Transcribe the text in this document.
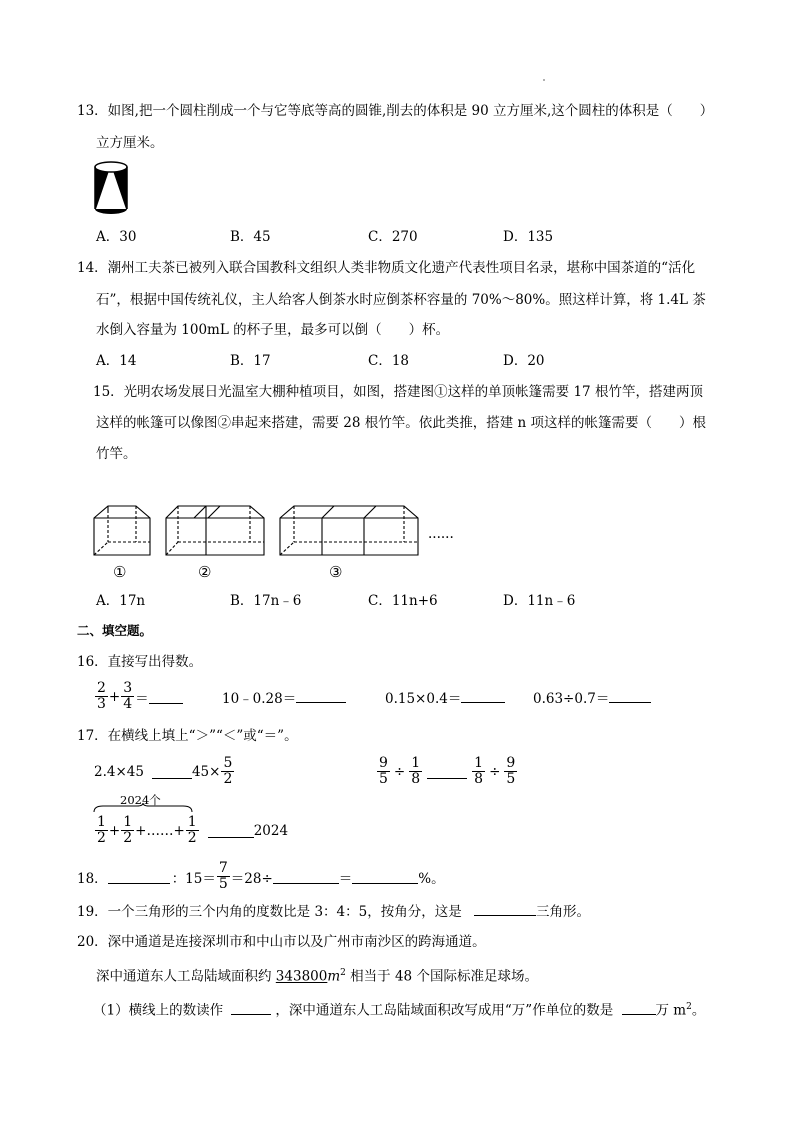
13．如图,把一个圆柱削成一个与它等底等高的圆锥,削去的体积是 90 立方厘米,这个圆柱的体积是（　　）
立方厘米。
A．30	B．45	C．270	D．135
14．潮州工夫茶已被列入联合国教科文组织人类非物质文化遗产代表性项目名录，堪称中国茶道的“活化
石”，根据中国传统礼仪，主人给客人倒茶水时应倒茶杯容量的 70%～80%。照这样计算，将 1.4L 茶
水倒入容量为 100mL 的杯子里，最多可以倒（　　）杯。
A．14	B．17	C．18	D．20
15．光明农场发展日光温室大棚种植项目，如图，搭建图①这样的单顶帐篷需要 17 根竹竿，搭建两顶
这样的帐篷可以像图②串起来搭建，需要 28 根竹竿。依此类推，搭建 n 项这样的帐篷需要（　　）根
竹竿。
......
①	②	③
A．17n	B．17n﹣6	C．11n+6	D．11n﹣6
二、填空题。
16．直接写出得数。
$\frac{2}{3} + \frac{3}{4}$ ＝	10﹣0.28＝	0.15×0.4＝	0.63÷0.7＝
17．在横线上填上“＞”“＜”或“＝”。
2.4×45	$45\times \frac{5}{2}$	$\frac{9}{5} \div \frac{1}{8}$	$\frac{1}{8} \div \frac{9}{5}$
2024个
$\frac{1}{2} + \frac{1}{2}$ +…… + $\frac{1}{2}$	2024
18．	：$15= \frac{7}{5} =28\div$	＝	%。
19．一个三角形的三个内角的度数比是 3：4：5，按角分，这是	三角形。
20．深中通道是连接深圳市和中山市以及广州市南沙区的跨海通道。
深中通道东人工岛陆域面积约 $343800m^2$ 相当于 48 个国际标准足球场。
（1）横线上的数读作	，深中通道东人工岛陆域面积改写成用“万”作单位的数是	万 $m^2$。
